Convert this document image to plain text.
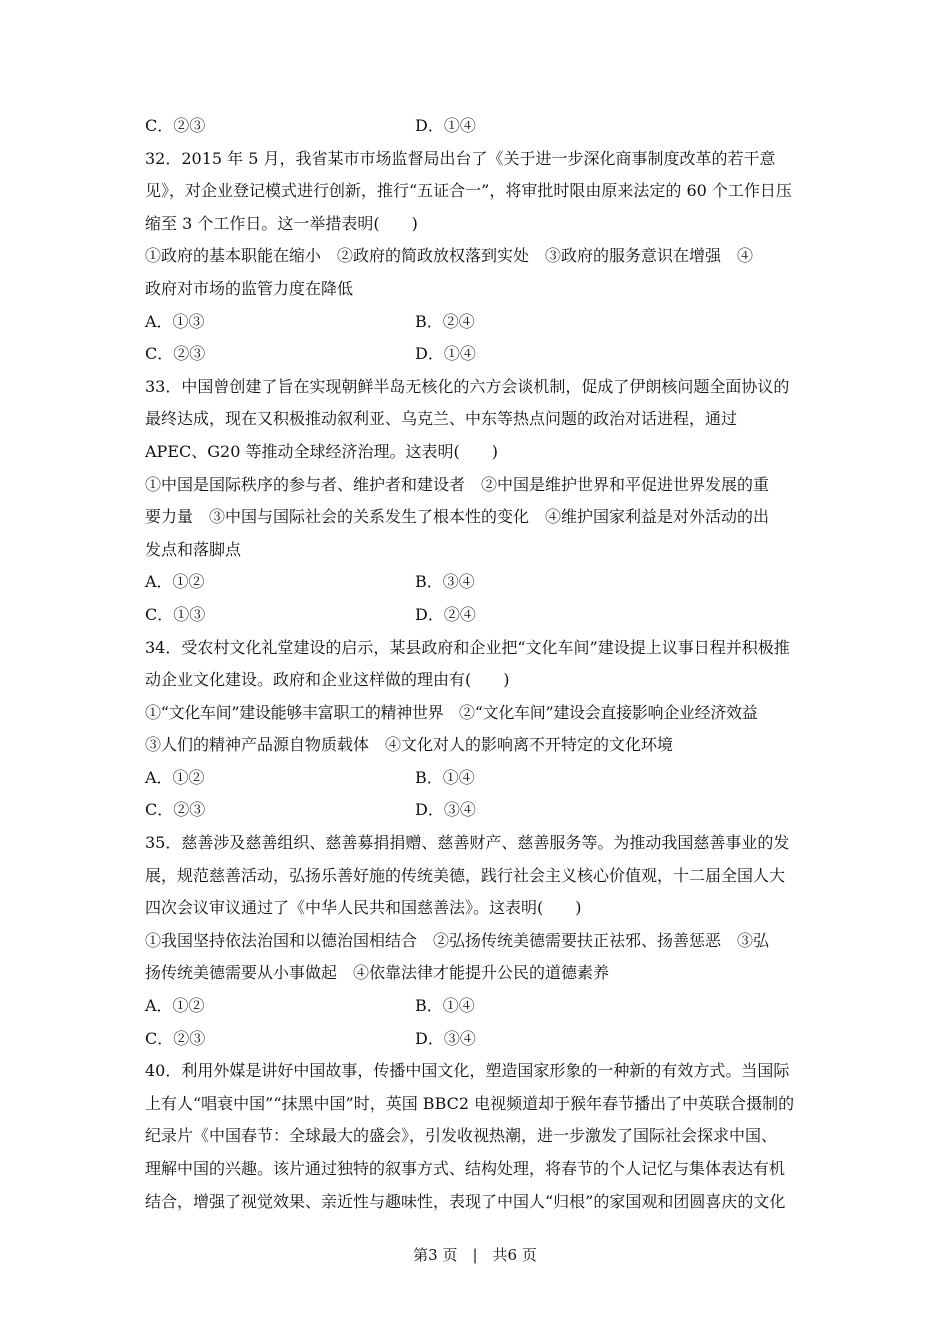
C．②③	D．①④
32．2015 年 5 月，我省某市市场监督局出台了《关于进一步深化商事制度改革的若干意
见》，对企业登记模式进行创新，推行“五证合一”，将审批时限由原来法定的 60 个工作日压
缩至 3 个工作日。这一举措表明(　　)
①政府的基本职能在缩小　②政府的简政放权落到实处　③政府的服务意识在增强　④
政府对市场的监管力度在降低
A．①③	B．②④
C．②③	D．①④
33．中国曾创建了旨在实现朝鲜半岛无核化的六方会谈机制，促成了伊朗核问题全面协议的
最终达成，现在又积极推动叙利亚、乌克兰、中东等热点问题的政治对话进程，通过
APEC、G20 等推动全球经济治理。这表明(　　)
①中国是国际秩序的参与者、维护者和建设者　②中国是维护世界和平促进世界发展的重
要力量　③中国与国际社会的关系发生了根本性的变化　④维护国家利益是对外活动的出
发点和落脚点
A．①②	B．③④
C．①③	D．②④
34．受农村文化礼堂建设的启示，某县政府和企业把“文化车间”建设提上议事日程并积极推
动企业文化建设。政府和企业这样做的理由有(　　)
①“文化车间”建设能够丰富职工的精神世界　②“文化车间”建设会直接影响企业经济效益
③人们的精神产品源自物质载体　④文化对人的影响离不开特定的文化环境
A．①②	B．①④
C．②③	D．③④
35．慈善涉及慈善组织、慈善募捐捐赠、慈善财产、慈善服务等。为推动我国慈善事业的发
展，规范慈善活动，弘扬乐善好施的传统美德，践行社会主义核心价值观，十二届全国人大
四次会议审议通过了《中华人民共和国慈善法》。这表明(　　)
①我国坚持依法治国和以德治国相结合　②弘扬传统美德需要扶正祛邪、扬善惩恶　③弘
扬传统美德需要从小事做起　④依靠法律才能提升公民的道德素养
A．①②	B．①④
C．②③	D．③④
40．利用外媒是讲好中国故事，传播中国文化，塑造国家形象的一种新的有效方式。当国际
上有人“唱衰中国”“抹黑中国”时，英国 BBC2 电视频道却于猴年春节播出了中英联合摄制的
纪录片《中国春节：全球最大的盛会》，引发收视热潮，进一步激发了国际社会探求中国、
理解中国的兴趣。该片通过独特的叙事方式、结构处理，将春节的个人记忆与集体表达有机
结合，增强了视觉效果、亲近性与趣味性，表现了中国人“归根”的家国观和团圆喜庆的文化
第3 页　|　共6 页
